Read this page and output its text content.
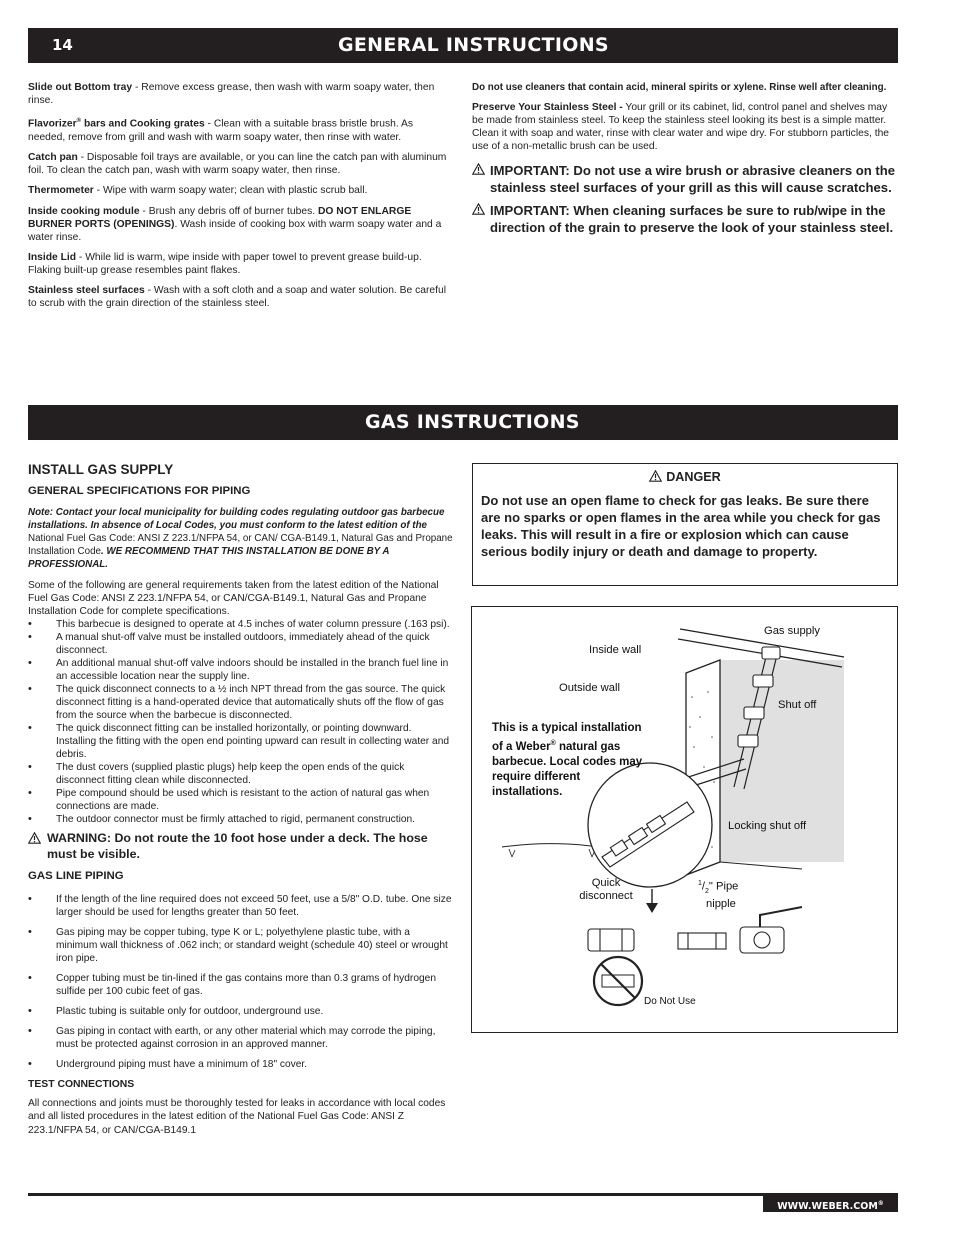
14	GENERAL INSTRUCTIONS

Slide out Bottom tray - Remove excess grease, then wash with warm soapy water, then rinse.

Flavorizer® bars and Cooking grates - Clean with a suitable brass bristle brush. As needed, remove from grill and wash with warm soapy water, then rinse with water.

Catch pan - Disposable foil trays are available, or you can line the catch pan with aluminum foil. To clean the catch pan, wash with warm soapy water, then rinse.

Thermometer - Wipe with warm soapy water; clean with plastic scrub ball.

Inside cooking module - Brush any debris off of burner tubes. DO NOT ENLARGE BURNER PORTS (OPENINGS). Wash inside of cooking box with warm soapy water and a water rinse.

Inside Lid - While lid is warm, wipe inside with paper towel to prevent grease build-up. Flaking built-up grease resembles paint flakes.

Stainless steel surfaces - Wash with a soft cloth and a soap and water solution. Be careful to scrub with the grain direction of the stainless steel.

Do not use cleaners that contain acid, mineral spirits or xylene. Rinse well after cleaning.

Preserve Your Stainless Steel - Your grill or its cabinet, lid, control panel and shelves may be made from stainless steel. To keep the stainless steel looking its best is a simple matter. Clean it with soap and water, rinse with clear water and wipe dry. For stubborn particles, the use of a non-metallic brush can be used.

IMPORTANT: Do not use a wire brush or abrasive cleaners on the stainless steel surfaces of your grill as this will cause scratches.
IMPORTANT: When cleaning surfaces be sure to rub/wipe in the direction of the grain to preserve the look of your stainless steel.
GAS INSTRUCTIONS
INSTALL GAS SUPPLY
GENERAL SPECIFICATIONS FOR PIPING

Note: Contact your local municipality for building codes regulating outdoor gas barbecue installations. In absence of Local Codes, you must conform to the latest edition of the National Fuel Gas Code: ANSI Z 223.1/NFPA 54, or CAN/ CGA-B149.1, Natural Gas and Propane Installation Code. WE RECOMMEND THAT THIS INSTALLATION BE DONE BY A PROFESSIONAL.

Some of the following are general requirements taken from the latest edition of the National Fuel Gas Code: ANSI Z 223.1/NFPA 54, or CAN/CGA-B149.1, Natural Gas and Propane Installation Code for complete specifications.

• This barbecue is designed to operate at 4.5 inches of water column pressure (.163 psi).
• A manual shut-off valve must be installed outdoors, immediately ahead of the quick disconnect.
• An additional manual shut-off valve indoors should be installed in the branch fuel line in an accessible location near the supply line.
• The quick disconnect connects to a ½ inch NPT thread from the gas source. The quick disconnect fitting is a hand-operated device that automatically shuts off the flow of gas from the source when the barbecue is disconnected.
• The quick disconnect fitting can be installed horizontally, or pointing downward. Installing the fitting with the open end pointing upward can result in collecting water and debris.
• The dust covers (supplied plastic plugs) help keep the open ends of the quick disconnect fitting clean while disconnected.
• Pipe compound should be used which is resistant to the action of natural gas when connections are made.
• The outdoor connector must be firmly attached to rigid, permanent construction.
WARNING: Do not route the 10 foot hose under a deck. The hose must be visible.
GAS LINE PIPING
• If the length of the line required does not exceed 50 feet, use a 5/8" O.D. tube. One size larger should be used for lengths greater than 50 feet.
• Gas piping may be copper tubing, type K or L; polyethylene plastic tube, with a minimum wall thickness of .062 inch; or standard weight (schedule 40) steel or wrought iron pipe.
• Copper tubing must be tin-lined if the gas contains more than 0.3 grams of hydrogen sulfide per 100 cubic feet of gas.
• Plastic tubing is suitable only for outdoor, underground use.
• Gas piping in contact with earth, or any other material which may corrode the piping, must be protected against corrosion in an approved manner.
• Underground piping must have a minimum of 18" cover.
TEST CONNECTIONS

All connections and joints must be thoroughly tested for leaks in accordance with local codes and all listed procedures in the latest edition of the National Fuel Gas Code: ANSI Z 223.1/NFPA 54, or CAN/CGA-B149.1

DANGER
Do not use an open flame to check for gas leaks. Be sure there are no sparks or open flames in the area while you check for gas leaks. This will result in a fire or explosion which can cause serious bodily injury or death and damage to property.
Gas supply
Inside wall
Outside wall
Shut off
This is a typical installation
of a Weber® natural gas
barbecue. Local codes may
require different
installations.
Locking shut off
Quick
disconnect
$^1/_2$" Pipe
nipple
Do Not Use
WWW.WEBER.COM®
